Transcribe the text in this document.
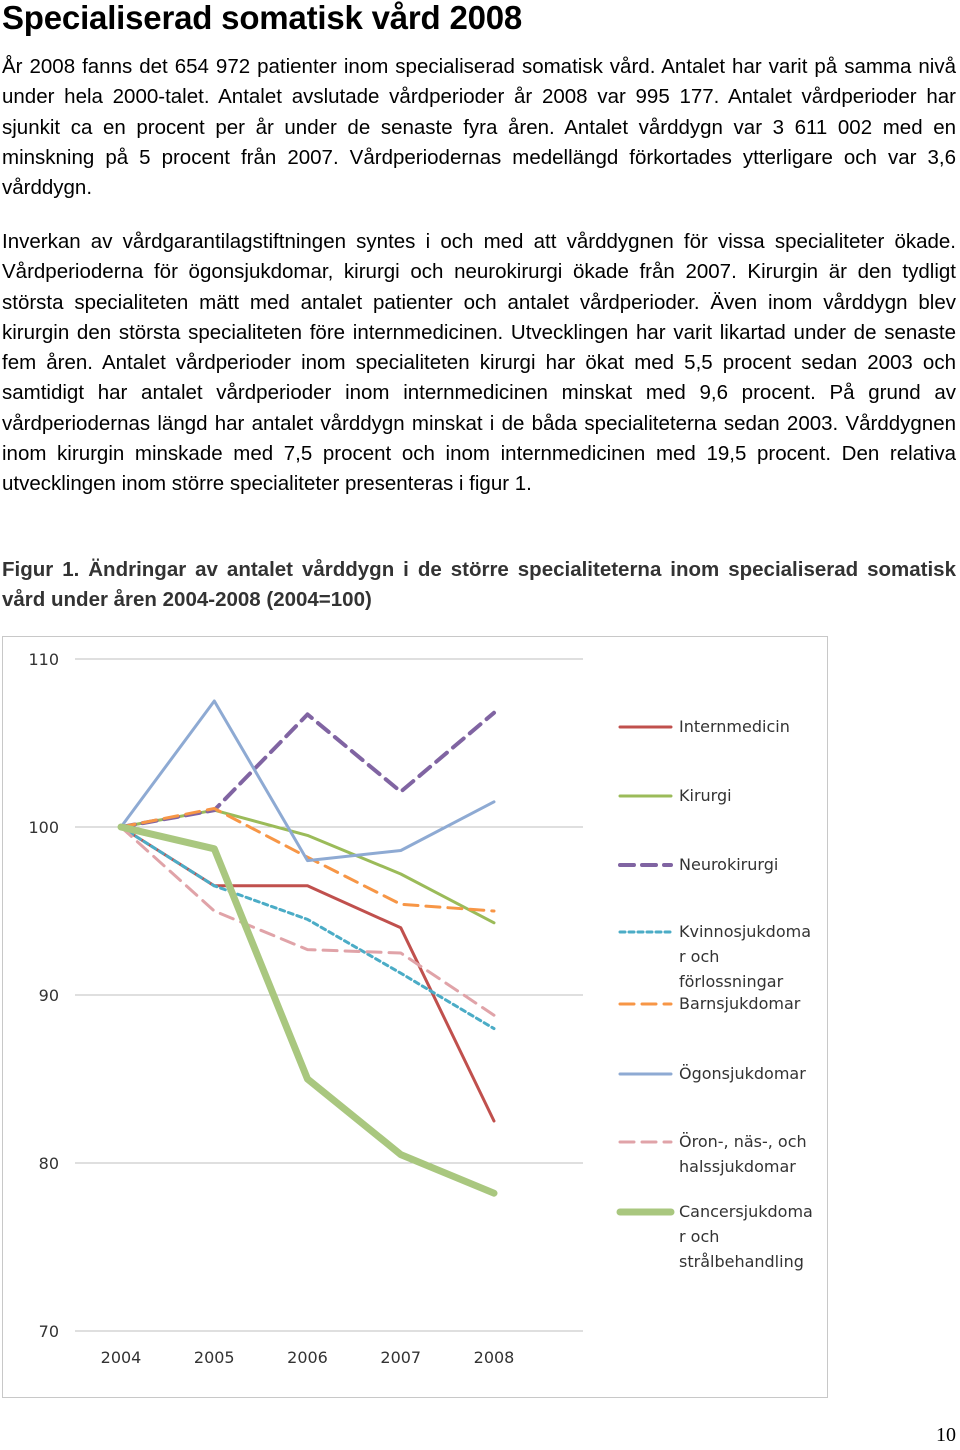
Specialiserad somatisk vård 2008

År 2008 fanns det 654 972 patienter inom specialiserad somatisk vård. Antalet har varit på samma nivå under hela 2000-talet. Antalet avslutade vårdperioder år 2008 var 995 177. Antalet vårdperioder har sjunkit ca en procent per år under de senaste fyra åren. Antalet vårddygn var 3 611 002 med en minskning på 5 procent från 2007. Vårdperiodernas medellängd förkortades ytterligare och var 3,6 vårddygn.

Inverkan av vårdgarantilagstiftningen syntes i och med att vårddygnen för vissa specialiteter ökade. Vårdperioderna för ögonsjukdomar, kirurgi och neurokirurgi ökade från 2007. Kirurgin är den tydligt största specialiteten mätt med antalet patienter och antalet vårdperioder. Även inom vårddygn blev kirurgin den största specialiteten före internmedicinen. Utvecklingen har varit likartad under de senaste fem åren. Antalet vårdperioder inom specialiteten kirurgi har ökat med 5,5 procent sedan 2003 och samtidigt har antalet vårdperioder inom internmedicinen minskat med 9,6 procent. På grund av vårdperiodernas längd har antalet vårddygn minskat i de båda specialiteterna sedan 2003. Vårddygnen inom kirurgin minskade med 7,5 procent och inom internmedicinen med 19,5 procent. Den relativa utvecklingen inom större specialiteter presenteras i figur 1.

Figur 1. Ändringar av antalet vårddygn i de större specialiteterna inom specialiserad somatisk vård under åren 2004-2008 (2004=100)

70
80
90
100
110
2004	2005	2006	2007	2008
Internmedicin
Kirurgi
Neurokirurgi
Kvinnosjukdoma
r och
förlossningar
Barnsjukdomar
Ögonsjukdomar
Öron-, näs-, och
halssjukdomar
Cancersjukdoma
r och
strålbehandling
10
